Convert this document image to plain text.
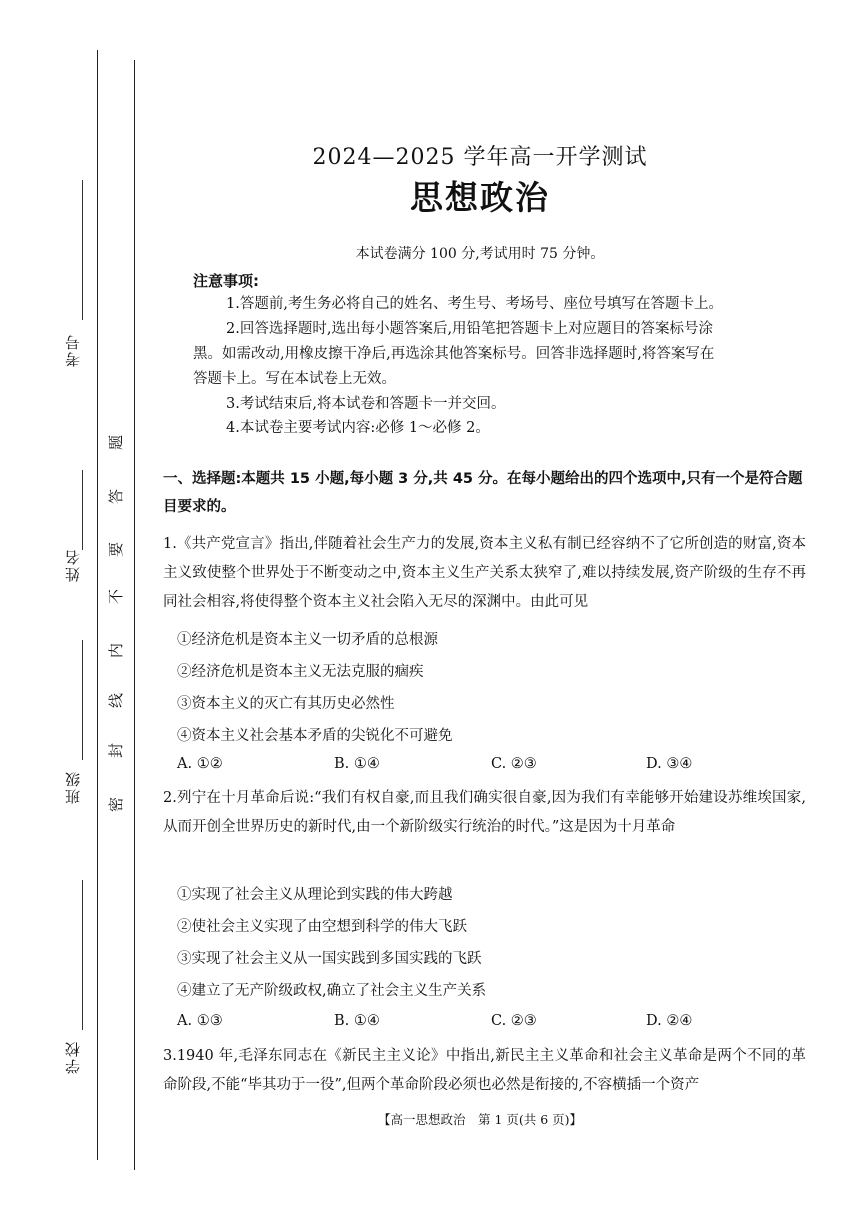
考号
姓名
班级
学校
题
答
要
不
内
线
封
密
2024—2025 学年高一开学测试
思想政治
本试卷满分 100 分,考试用时 75 分钟。
注意事项:
1.答题前,考生务必将自己的姓名、考生号、考场号、座位号填写在答题卡上。
2.回答选择题时,选出每小题答案后,用铅笔把答题卡上对应题目的答案标号涂
黑。如需改动,用橡皮擦干净后,再选涂其他答案标号。回答非选择题时,将答案写在
答题卡上。写在本试卷上无效。
3.考试结束后,将本试卷和答题卡一并交回。
4.本试卷主要考试内容:必修 1～必修 2。
一、选择题:本题共 15 小题,每小题 3 分,共 45 分。在每小题给出的四个选项中,只有一个是符合题目要求的。
1.《共产党宣言》指出,伴随着社会生产力的发展,资本主义私有制已经容纳不了它所创造的财富,资本主义致使整个世界处于不断变动之中,资本主义生产关系太狭窄了,难以持续发展,资产阶级的生存不再同社会相容,将使得整个资本主义社会陷入无尽的深渊中。由此可见
①经济危机是资本主义一切矛盾的总根源
②经济危机是资本主义无法克服的痼疾
③资本主义的灭亡有其历史必然性
④资本主义社会基本矛盾的尖锐化不可避免
A. ①②	B. ①④	C. ②③	D. ③④
2.列宁在十月革命后说:“我们有权自豪,而且我们确实很自豪,因为我们有幸能够开始建设苏维埃国家,从而开创全世界历史的新时代,由一个新阶级实行统治的时代。”这是因为十月革命
①实现了社会主义从理论到实践的伟大跨越
②使社会主义实现了由空想到科学的伟大飞跃
③实现了社会主义从一国实践到多国实践的飞跃
④建立了无产阶级政权,确立了社会主义生产关系
A. ①③	B. ①④	C. ②③	D. ②④
3.1940 年,毛泽东同志在《新民主主义论》中指出,新民主主义革命和社会主义革命是两个不同的革命阶段,不能“毕其功于一役”,但两个革命阶段必须也必然是衔接的,不容横插一个资产
【高一思想政治　第 1 页(共 6 页)】
